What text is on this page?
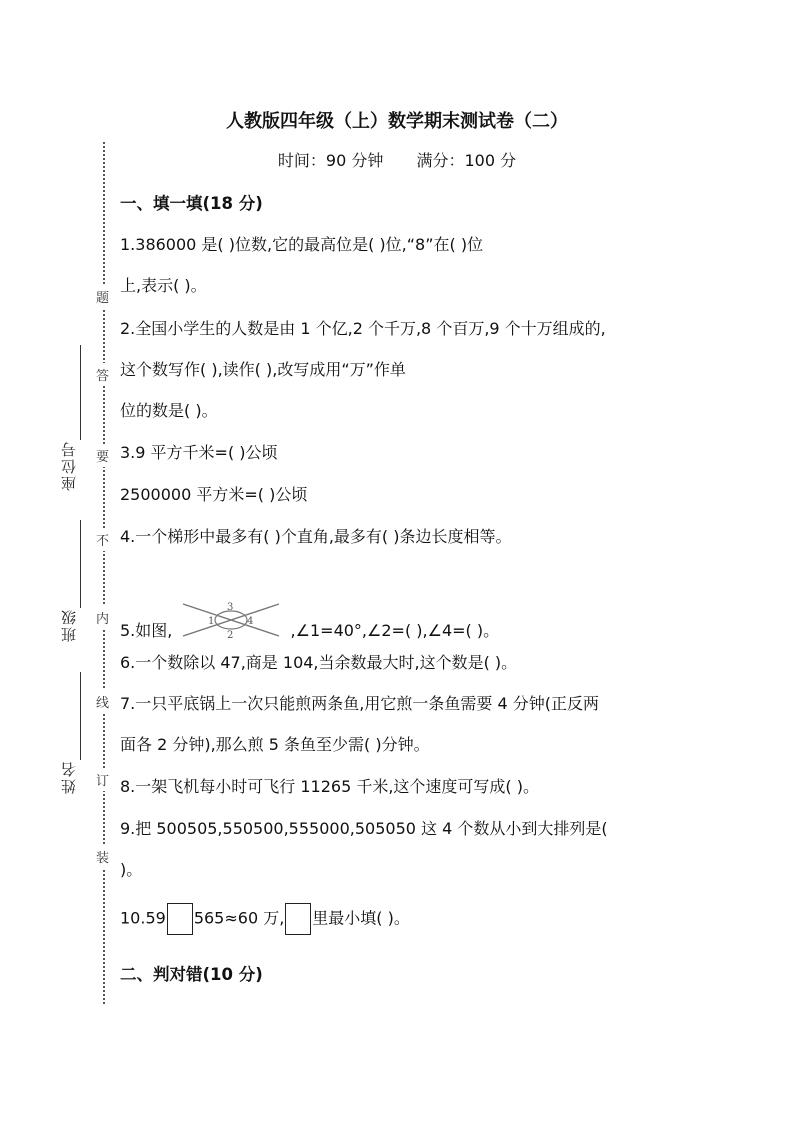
座位号
班级
姓名
题
答
要
不
内
线
订
装
人教版四年级（上）数学期末测试卷（二）
时间：90 分钟 满分：100 分
一、填一填(18 分)
1.386000 是( )位数,它的最高位是( )位,“8”在( )位
上,表示( )。
2.全国小学生的人数是由 1 个亿,2 个千万,8 个百万,9 个十万组成的,
这个数写作( ),读作( ),改写成用“万”作单
位的数是( )。
3.9 平方千米=( )公顷
2500000 平方米=( )公顷
4.一个梯形中最多有( )个直角,最多有( )条边长度相等。
5.如图,
3
1
2
4 ,∠1=40°,∠2=( ),∠4=( )。
6.一个数除以 47,商是 104,当余数最大时,这个数是( )。
7.一只平底锅上一次只能煎两条鱼,用它煎一条鱼需要 4 分钟(正反两
面各 2 分钟),那么煎 5 条鱼至少需( )分钟。
8.一架飞机每小时可飞行 11265 千米,这个速度可写成( )。
9.把 500505,550500,555000,505050 这 4 个数从小到大排列是(
)。
10.59 565≈60 万, 里最小填( )。
二、判对错(10 分)
